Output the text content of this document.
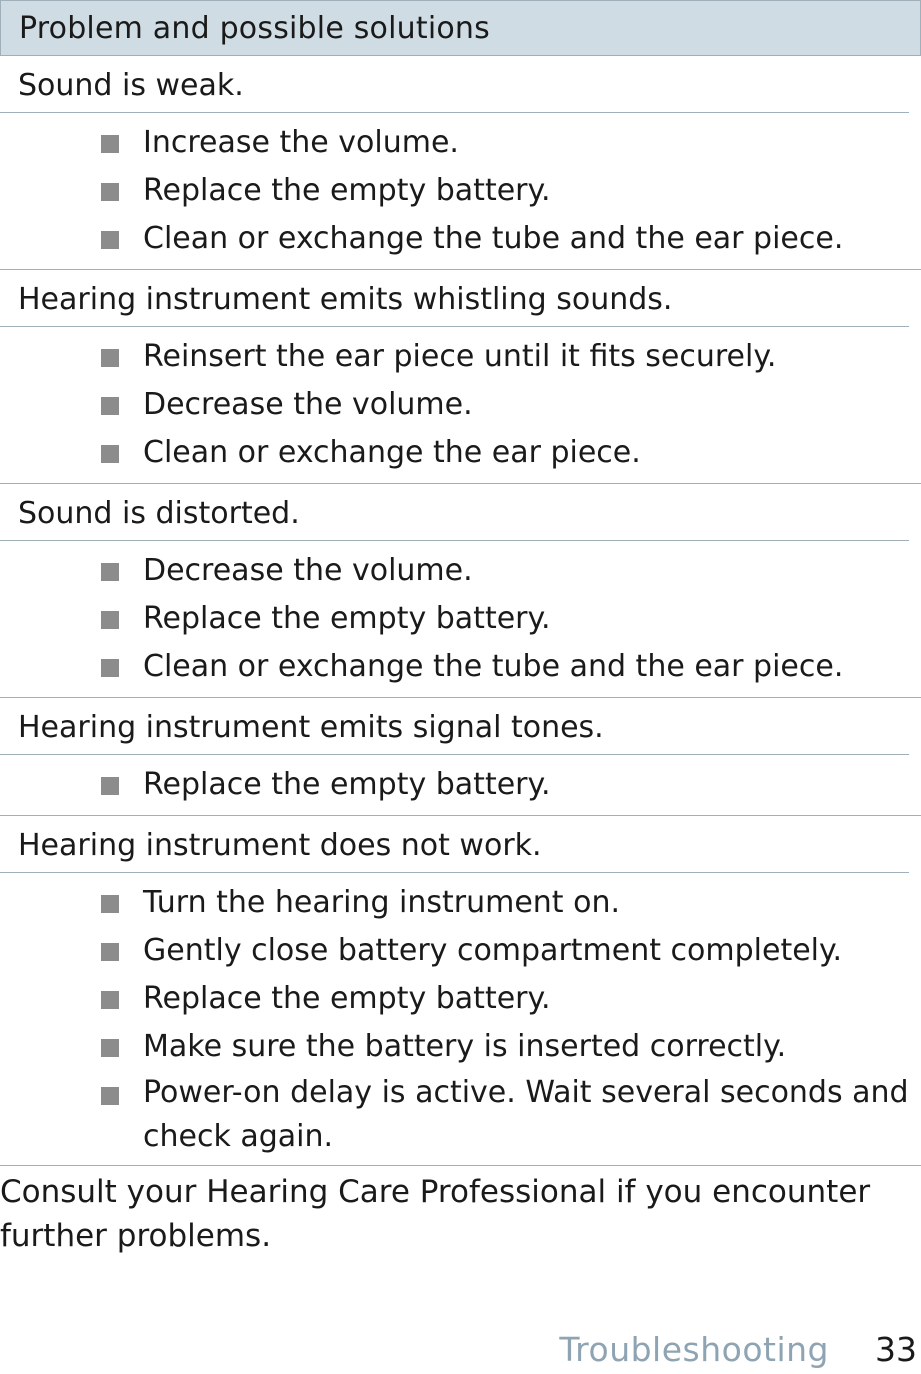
Problem and possible solutions
Sound is weak.
Increase the volume.
Replace the empty battery.
Clean or exchange the tube and the ear piece.
Hearing instrument emits whistling sounds.
Reinsert the ear piece until it fits securely.
Decrease the volume.
Clean or exchange the ear piece.
Sound is distorted.
Decrease the volume.
Replace the empty battery.
Clean or exchange the tube and the ear piece.
Hearing instrument emits signal tones.
Replace the empty battery.
Hearing instrument does not work.
Turn the hearing instrument on.
Gently close battery compartment completely.
Replace the empty battery.
Make sure the battery is inserted correctly.
Power-on delay is active. Wait several seconds and check again.
Consult your Hearing Care Professional if you encounter further problems.
Troubleshooting 33
